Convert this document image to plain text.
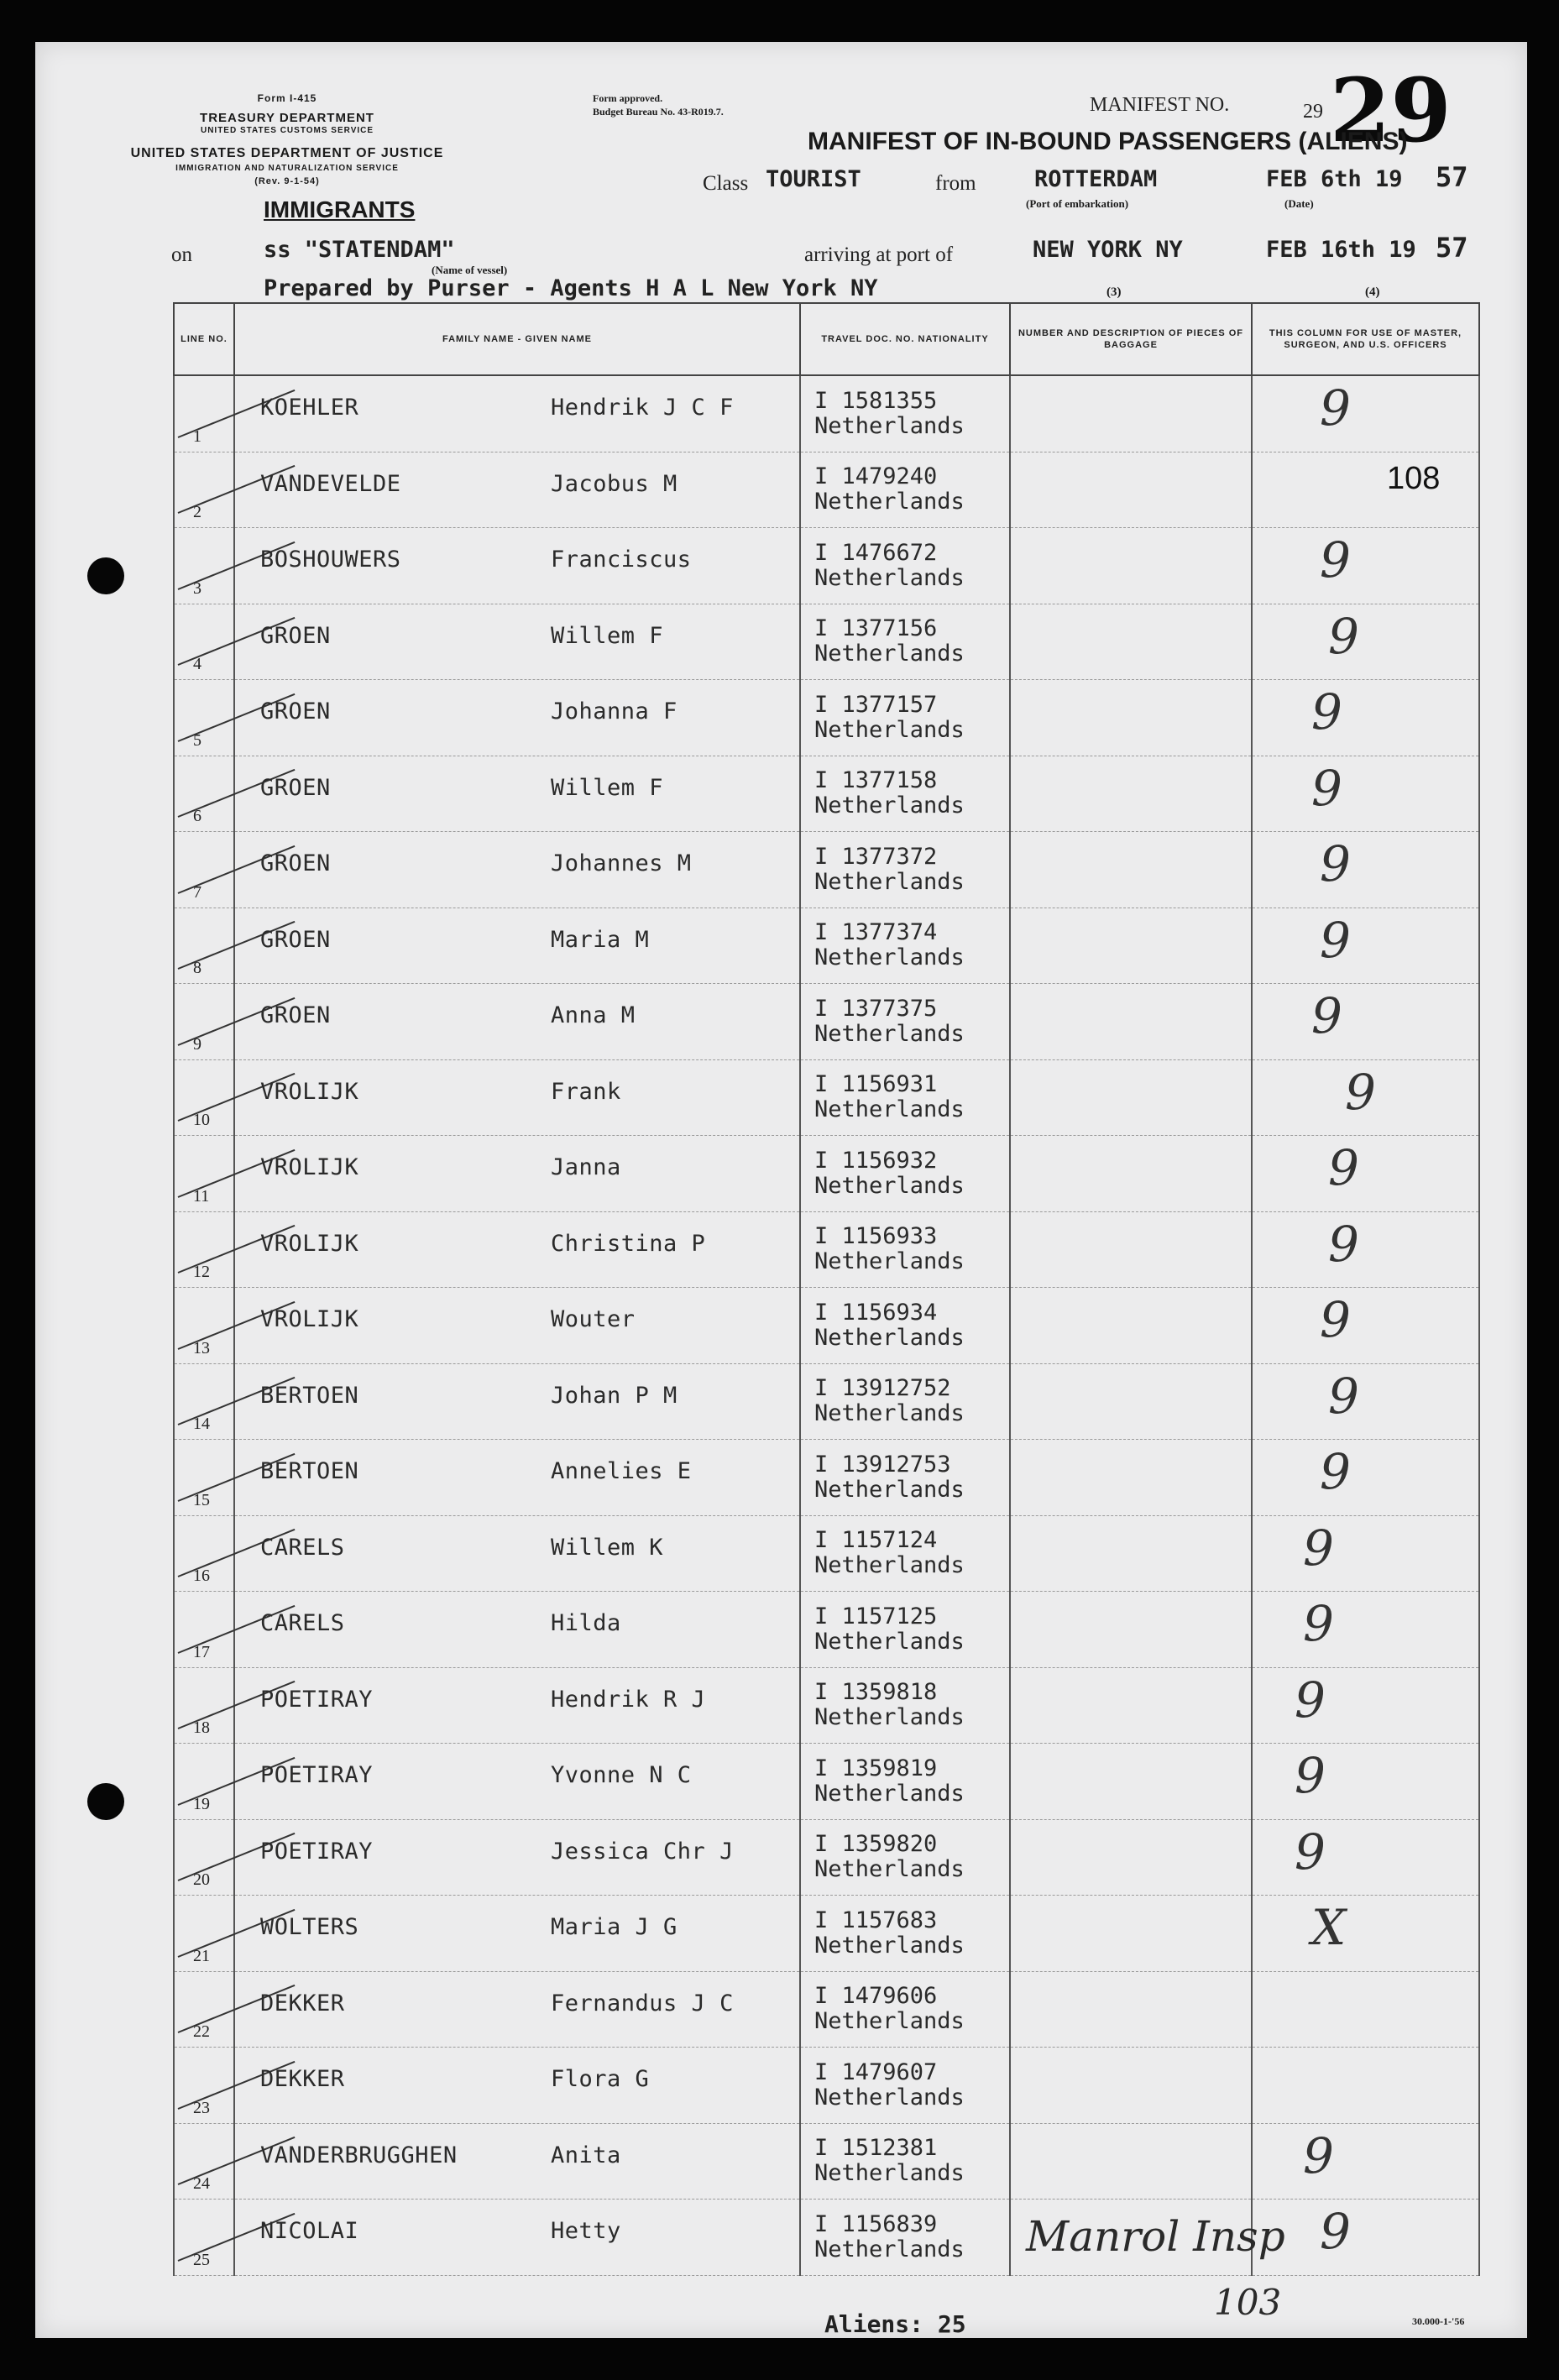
Form I-415
TREASURY DEPARTMENT
UNITED STATES CUSTOMS SERVICE
UNITED STATES DEPARTMENT OF JUSTICE
IMMIGRATION AND NATURALIZATION SERVICE
(Rev. 9-1-54)
IMMIGRANTS
Form approved.
Budget Bureau No. 43-R019.7.	MANIFEST NO.	29 29
MANIFEST OF IN-BOUND PASSENGERS (ALIENS)
Class TOURIST	from	ROTTERDAM
(Port of embarkation)
FEB 6th 19 57
(Date)
on	ss "STATENDAM"
(Name of vessel)
arriving at port of	NEW YORK NY	FEB 16th 19 57
Prepared by Purser - Agents H A L New York NY	(3)	(4)
LINE NO.	FAMILY NAME - GIVEN NAME	TRAVEL DOC. NO. NATIONALITY	NUMBER AND DESCRIPTION OF PIECES OF BAGGAGE	THIS COLUMN FOR USE OF MASTER, SURGEON, AND U.S. OFFICERS

1	KOEHLER Hendrik J C F	I 1581355
Netherlands		9

2	VANDEVELDE Jacobus M	I 1479240
Netherlands		108

3	BOSHOUWERS Franciscus	I 1476672
Netherlands		9

4	GROEN Willem F	I 1377156
Netherlands		9

5	GROEN Johanna F	I 1377157
Netherlands		9

6	GROEN Willem F	I 1377158
Netherlands		9

7	GROEN Johannes M	I 1377372
Netherlands		9

8	GROEN Maria M	I 1377374
Netherlands		9

9	GROEN Anna M	I 1377375
Netherlands		9

10	VROLIJK Frank	I 1156931
Netherlands		9

11	VROLIJK Janna	I 1156932
Netherlands		9

12	VROLIJK Christina P	I 1156933
Netherlands		9

13	VROLIJK Wouter	I 1156934
Netherlands		9

14	BERTOEN Johan P M	I 13912752
Netherlands		9

15	BERTOEN Annelies E	I 13912753
Netherlands		9

16	CARELS Willem K	I 1157124
Netherlands		9

17	CARELS Hilda	I 1157125
Netherlands		9

18	POETIRAY Hendrik R J	I 1359818
Netherlands		9

19	POETIRAY Yvonne N C	I 1359819
Netherlands		9

20	POETIRAY Jessica Chr J	I 1359820
Netherlands		9

21	WOLTERS Maria J G	I 1157683
Netherlands		X

22	DEKKER Fernandus J C	I 1479606
Netherlands		

23	DEKKER Flora G	I 1479607
Netherlands		

24	VANDERBRUGGHEN Anita	I 1512381
Netherlands		9

25	NICOLAI Hetty	I 1156839
Netherlands		9
Manrol Insp
103
Aliens: 25	30.000-1-'56
